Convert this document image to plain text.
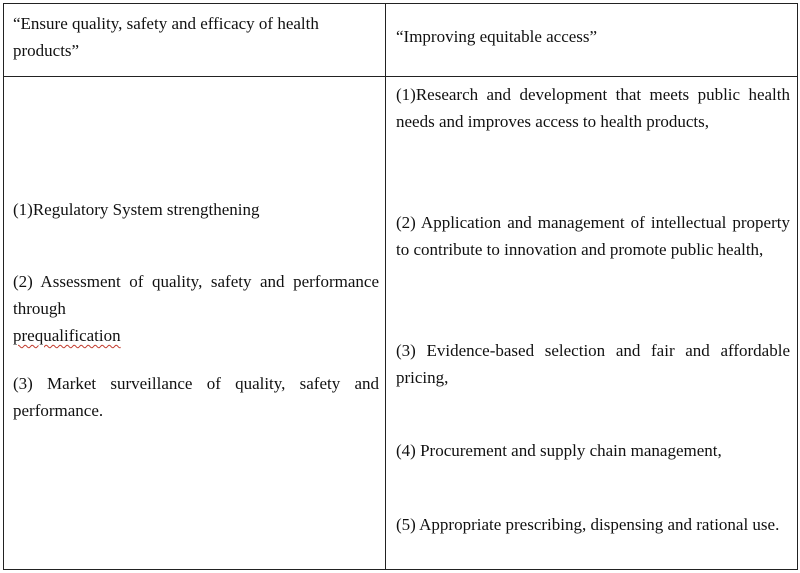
“Ensure quality, safety and efficacy of health products”

“Improving equitable access”

(1)Regulatory System strengthening

(2) Assessment of quality, safety and performance through
prequalification

(3) Market surveillance of quality, safety and performance.

(1)Research and development that meets public health needs and improves access to health products,

(2) Application and management of intellectual property to contribute to innovation and promote public health,

(3) Evidence-based selection and fair and affordable pricing,

(4) Procurement and supply chain management,

(5) Appropriate prescribing, dispensing and rational use.
